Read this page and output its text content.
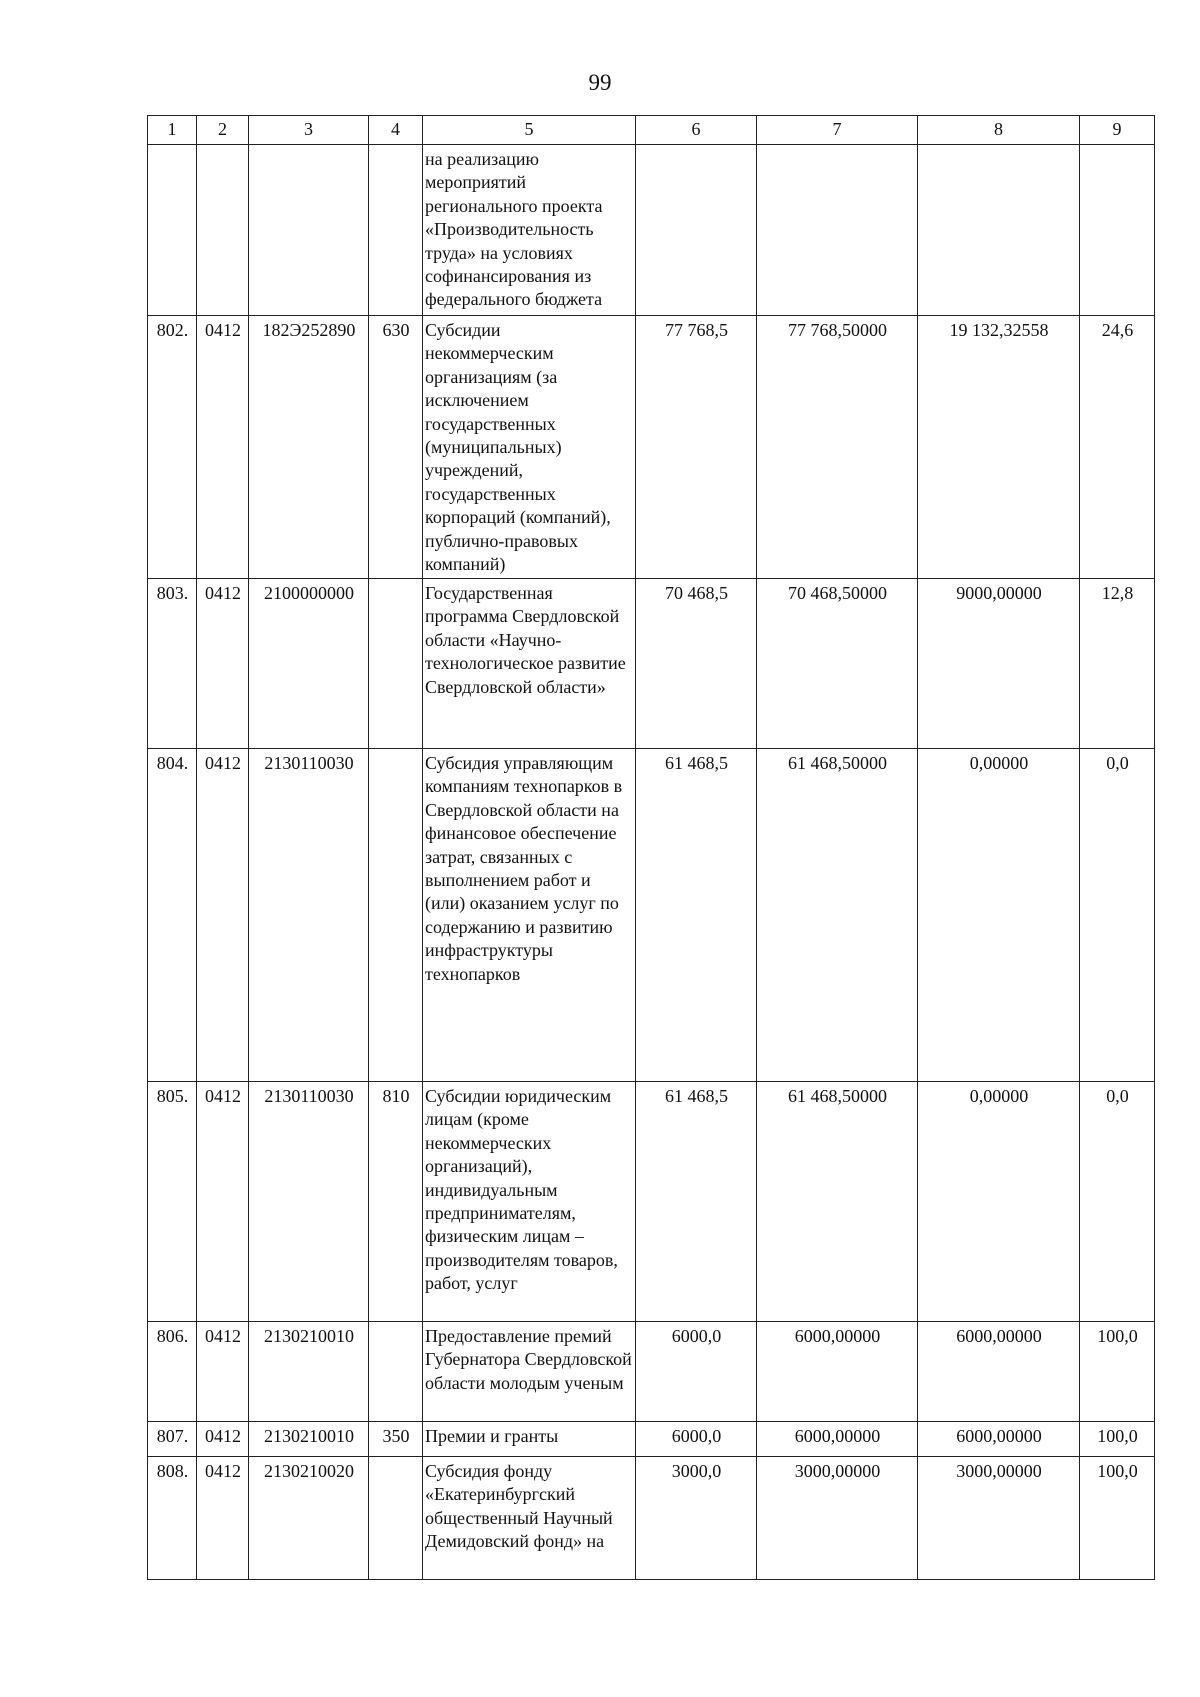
99
1	2	3	4	5	6	7	8	9
				на реализацию мероприятий регионального проекта «Производительность труда» на условиях софинансирования из федерального бюджета				
802.	0412	182Э252890	630	Субсидии некоммерческим организациям (за исключением государственных (муниципальных) учреждений, государственных корпораций (компаний), публично-правовых компаний)	77 768,5	77 768,50000	19 132,32558	24,6
803.	0412	2100000000		Государственная программа Свердловской области «Научно-технологическое развитие Свердловской области»	70 468,5	70 468,50000	9000,00000	12,8
804.	0412	2130110030		Субсидия управляющим компаниям технопарков в Свердловской области на финансовое обеспечение затрат, связанных с выполнением работ и (или) оказанием услуг по содержанию и развитию инфраструктуры технопарков	61 468,5	61 468,50000	0,00000	0,0
805.	0412	2130110030	810	Субсидии юридическим лицам (кроме некоммерческих организаций), индивидуальным предпринимателям, физическим лицам – производителям товаров, работ, услуг	61 468,5	61 468,50000	0,00000	0,0
806.	0412	2130210010		Предоставление премий Губернатора Свердловской области молодым ученым	6000,0	6000,00000	6000,00000	100,0
807.	0412	2130210010	350	Премии и гранты	6000,0	6000,00000	6000,00000	100,0
808.	0412	2130210020		Субсидия фонду «Екатеринбургский общественный Научный Демидовский фонд» на	3000,0	3000,00000	3000,00000	100,0
